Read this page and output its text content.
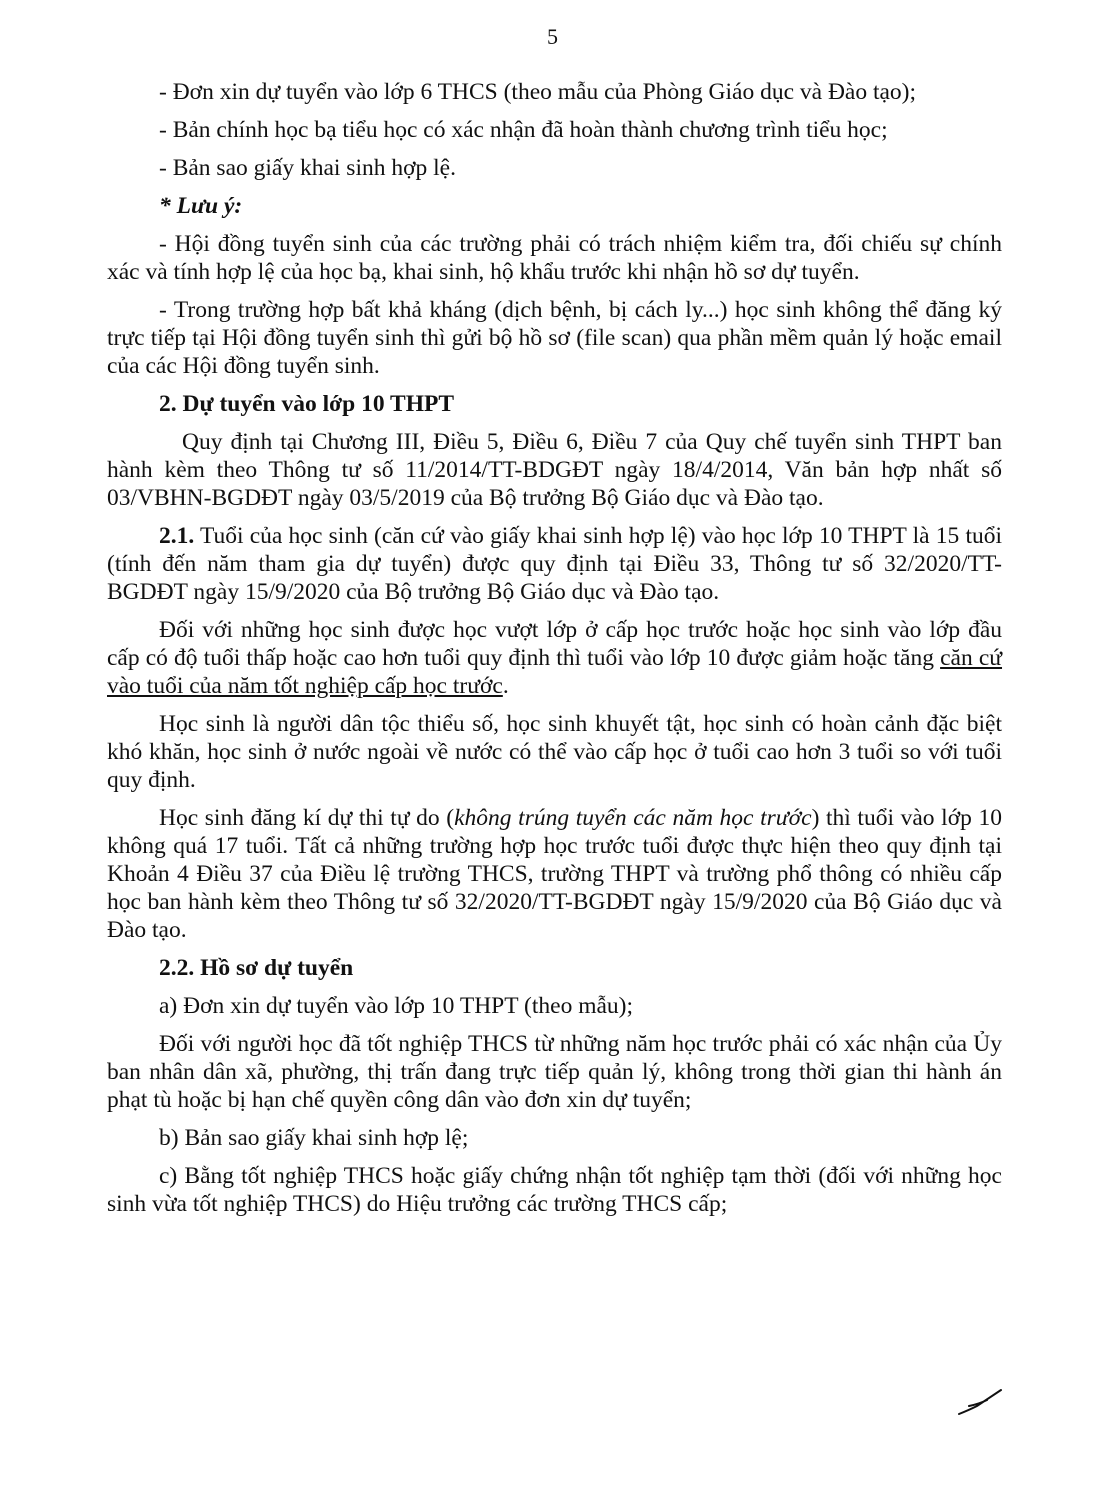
5

- Đơn xin dự tuyển vào lớp 6 THCS (theo mẫu của Phòng Giáo dục và Đào tạo);

- Bản chính học bạ tiểu học có xác nhận đã hoàn thành chương trình tiểu học;

- Bản sao giấy khai sinh hợp lệ.

* Lưu ý:

- Hội đồng tuyển sinh của các trường phải có trách nhiệm kiểm tra, đối chiếu sự chính xác và tính hợp lệ của học bạ, khai sinh, hộ khẩu trước khi nhận hồ sơ dự tuyển.

- Trong trường hợp bất khả kháng (dịch bệnh, bị cách ly...) học sinh không thể đăng ký trực tiếp tại Hội đồng tuyển sinh thì gửi bộ hồ sơ (file scan) qua phần mềm quản lý hoặc email của các Hội đồng tuyển sinh.

2. Dự tuyển vào lớp 10 THPT

Quy định tại Chương III, Điều 5, Điều 6, Điều 7 của Quy chế tuyển sinh THPT ban hành kèm theo Thông tư số 11/2014/TT-BDGĐT ngày 18/4/2014, Văn bản hợp nhất số 03/VBHN-BGDĐT ngày 03/5/2019 của Bộ trưởng Bộ Giáo dục và Đào tạo.

2.1. Tuổi của học sinh (căn cứ vào giấy khai sinh hợp lệ) vào học lớp 10 THPT là 15 tuổi (tính đến năm tham gia dự tuyển) được quy định tại Điều 33, Thông tư số 32/2020/TT-BGDĐT ngày 15/9/2020 của Bộ trưởng Bộ Giáo dục và Đào tạo.

Đối với những học sinh được học vượt lớp ở cấp học trước hoặc học sinh vào lớp đầu cấp có độ tuổi thấp hoặc cao hơn tuổi quy định thì tuổi vào lớp 10 được giảm hoặc tăng căn cứ vào tuổi của năm tốt nghiệp cấp học trước.

Học sinh là người dân tộc thiểu số, học sinh khuyết tật, học sinh có hoàn cảnh đặc biệt khó khăn, học sinh ở nước ngoài về nước có thể vào cấp học ở tuổi cao hơn 3 tuổi so với tuổi quy định.

Học sinh đăng kí dự thi tự do (không trúng tuyển các năm học trước) thì tuổi vào lớp 10 không quá 17 tuổi. Tất cả những trường hợp học trước tuổi được thực hiện theo quy định tại Khoản 4 Điều 37 của Điều lệ trường THCS, trường THPT và trường phổ thông có nhiều cấp học ban hành kèm theo Thông tư số 32/2020/TT-BGDĐT ngày 15/9/2020 của Bộ Giáo dục và Đào tạo.

2.2. Hồ sơ dự tuyển

a) Đơn xin dự tuyển vào lớp 10 THPT (theo mẫu);

Đối với người học đã tốt nghiệp THCS từ những năm học trước phải có xác nhận của Ủy ban nhân dân xã, phường, thị trấn đang trực tiếp quản lý, không trong thời gian thi hành án phạt tù hoặc bị hạn chế quyền công dân vào đơn xin dự tuyển;

b) Bản sao giấy khai sinh hợp lệ;

c) Bằng tốt nghiệp THCS hoặc giấy chứng nhận tốt nghiệp tạm thời (đối với những học sinh vừa tốt nghiệp THCS) do Hiệu trưởng các trường THCS cấp;
